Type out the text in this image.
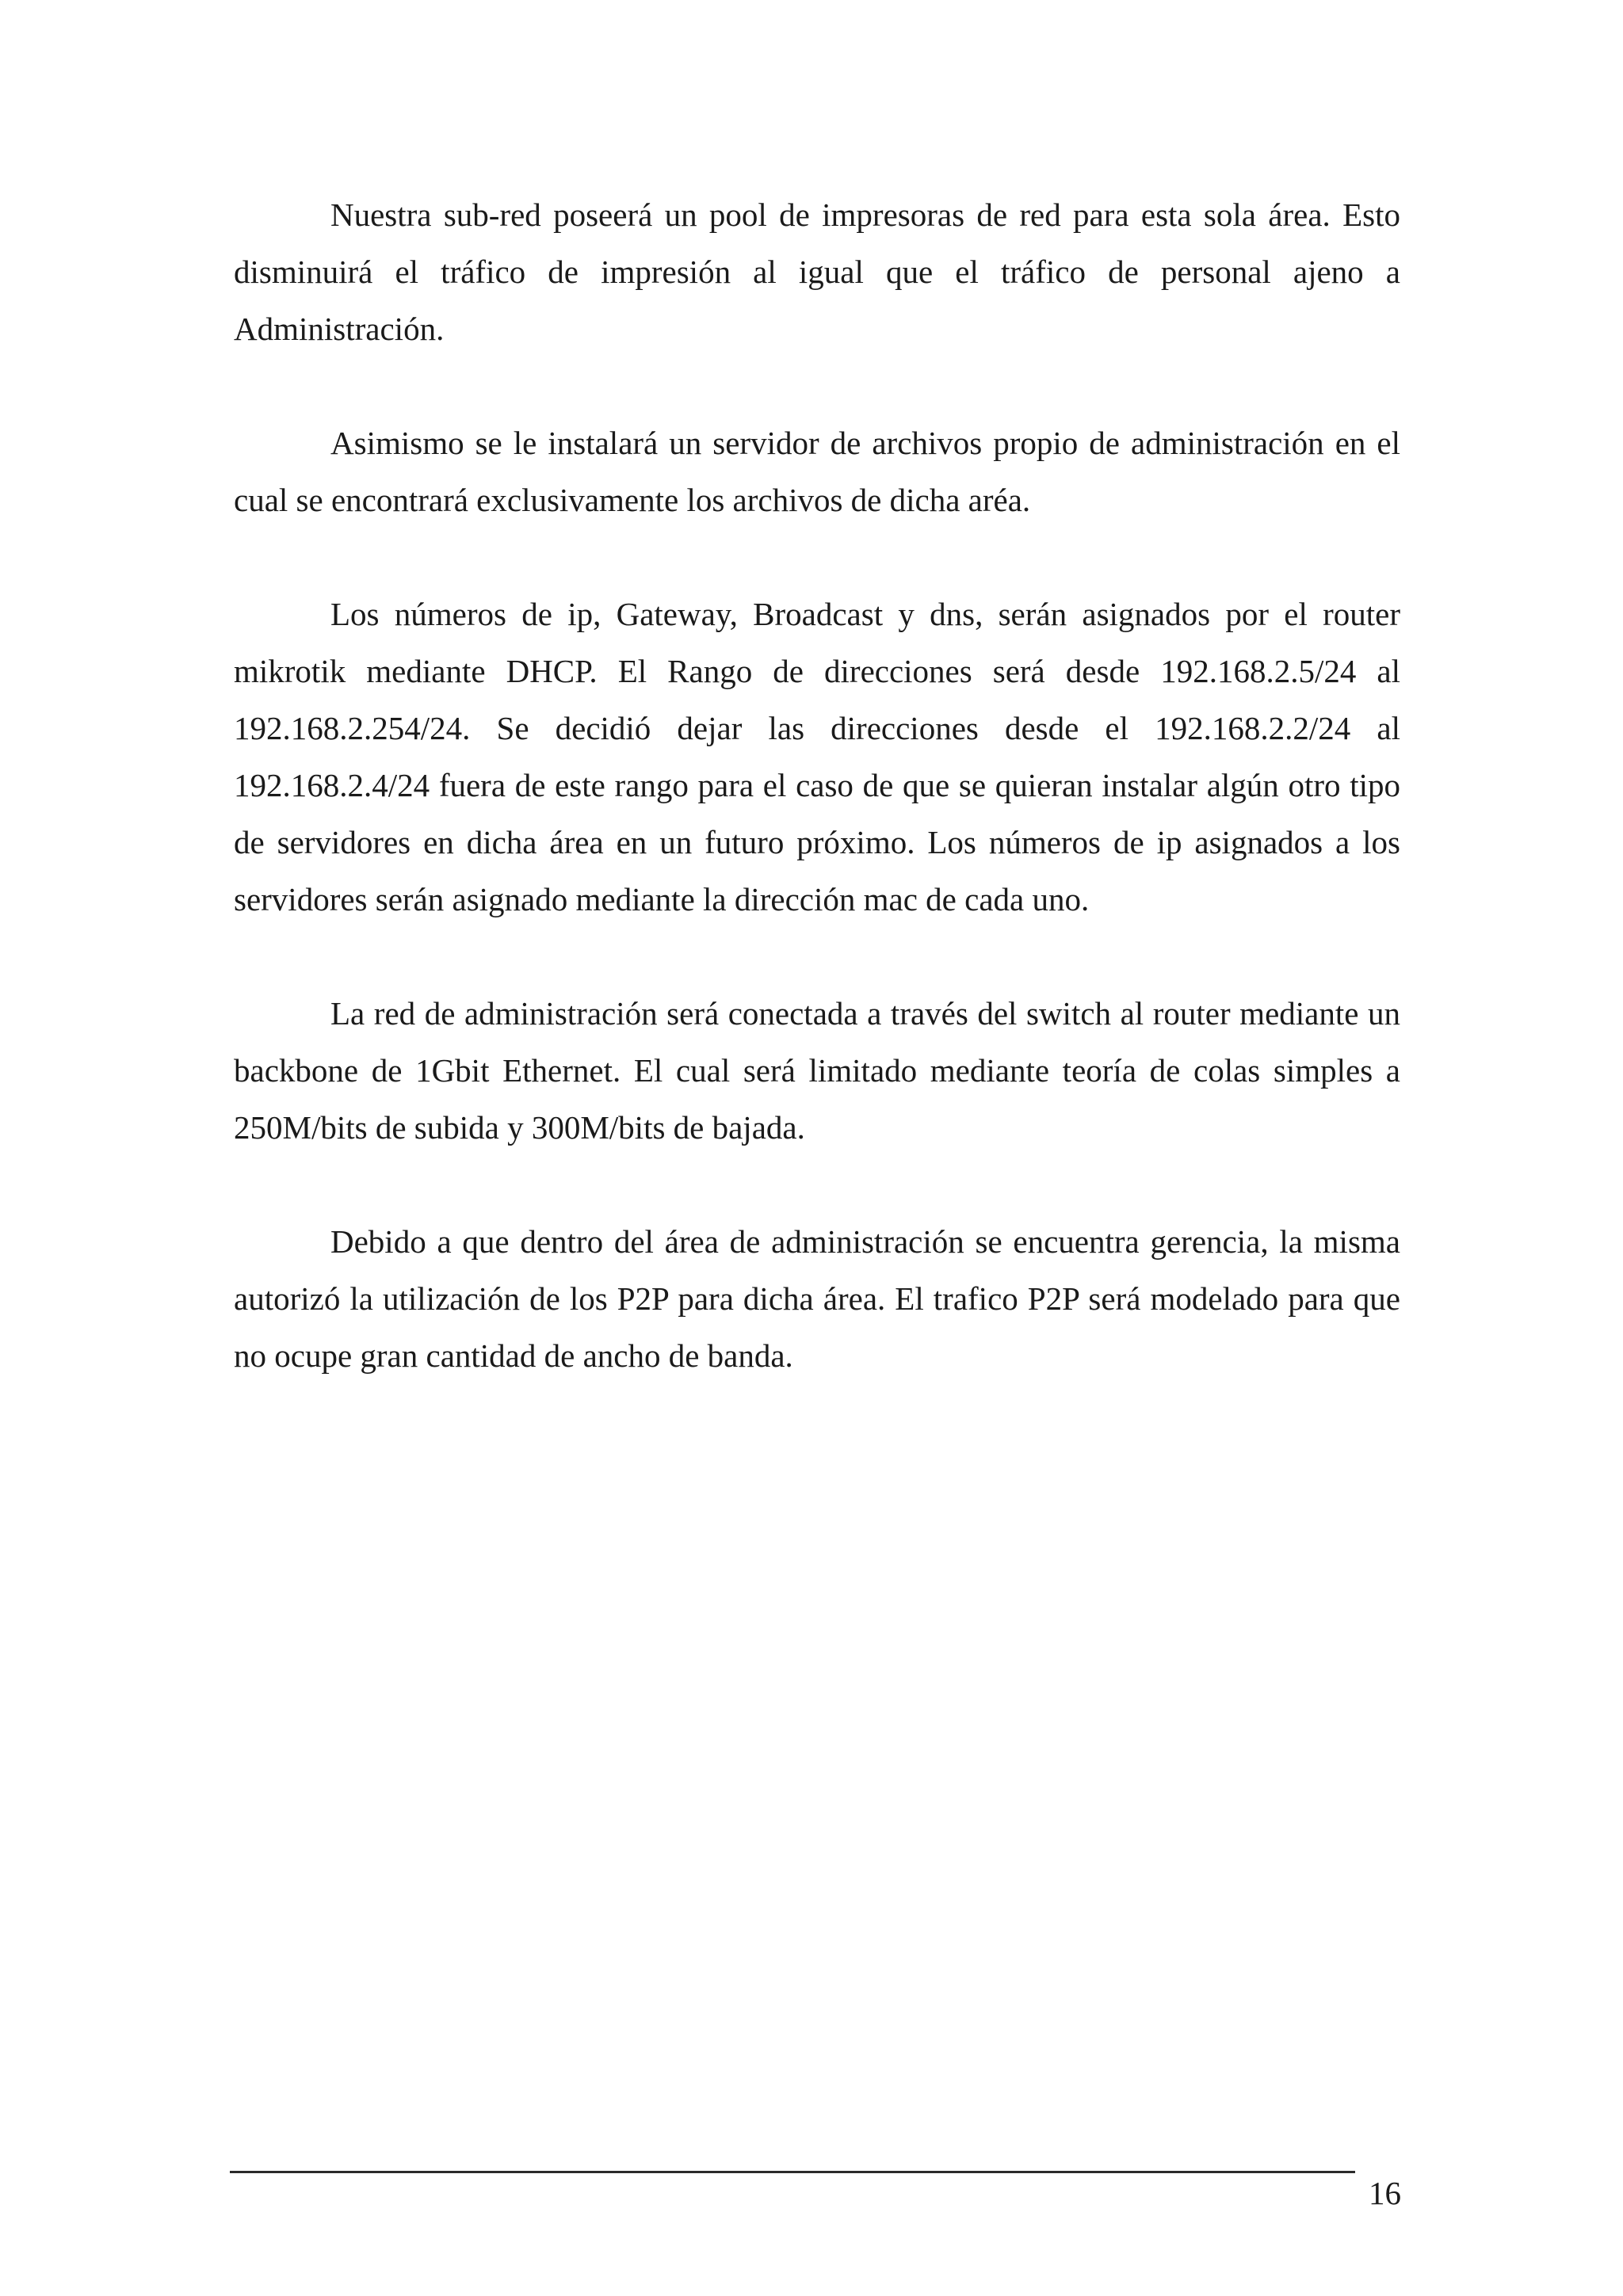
Nuestra sub-red poseerá un pool de impresoras de red para esta sola área. Esto disminuirá el tráfico de impresión al igual que el tráfico de personal ajeno a Administración.

Asimismo se le instalará un servidor de archivos propio de administración en el cual se encontrará exclusivamente los archivos de dicha aréa.

Los números de ip, Gateway, Broadcast y dns, serán asignados por el router mikrotik mediante DHCP. El Rango de direcciones será desde 192.168.2.5/24 al 192.168.2.254/24. Se decidió dejar las direcciones desde el 192.168.2.2/24 al 192.168.2.4/24 fuera de este rango para el caso de que se quieran instalar algún otro tipo de servidores en dicha área en un futuro próximo. Los números de ip asignados a los servidores serán asignado mediante la dirección mac de cada uno.

La red de administración será conectada a través del switch al router mediante un backbone de 1Gbit Ethernet. El cual será limitado mediante teoría de colas simples a 250M/bits de subida y 300M/bits de bajada.

Debido a que dentro del área de administración se encuentra gerencia, la misma autorizó la utilización de los P2P para dicha área. El trafico P2P será modelado para que no ocupe gran cantidad de ancho de banda.

16
